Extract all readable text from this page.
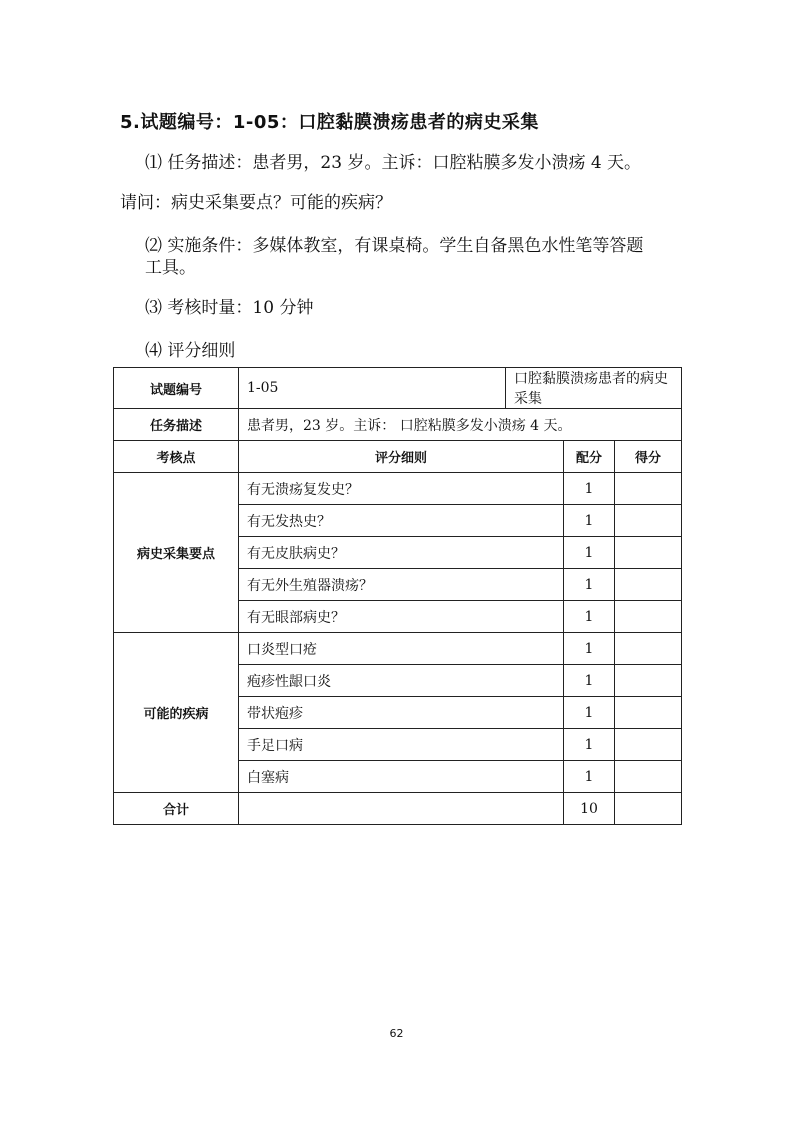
5.试题编号：1-05：口腔黏膜溃疡患者的病史采集
⑴ 任务描述：患者男，23 岁。主诉：口腔粘膜多发小溃疡 4 天。
请问：病史采集要点？可能的疾病？
⑵ 实施条件：多媒体教室，有课桌椅。学生自备黑色水性笔等答题
工具。
⑶ 考核时量：10 分钟
⑷ 评分细则
试题编号	1-05	口腔黏膜溃疡患者的病史采集		
任务描述	患者男，23 岁。主诉： 口腔粘膜多发小溃疡 4 天。			
考核点	评分细则		配分	得分
病史采集要点	有无溃疡复发史？		1	
	有无发热史？		1	
	有无皮肤病史？		1	
	有无外生殖器溃疡？		1	
	有无眼部病史？		1	
可能的疾病	口炎型口疮		1	
	疱疹性龈口炎		1	
	带状疱疹		1	
	手足口病		1	
	白塞病		1	
合计			10	
62
